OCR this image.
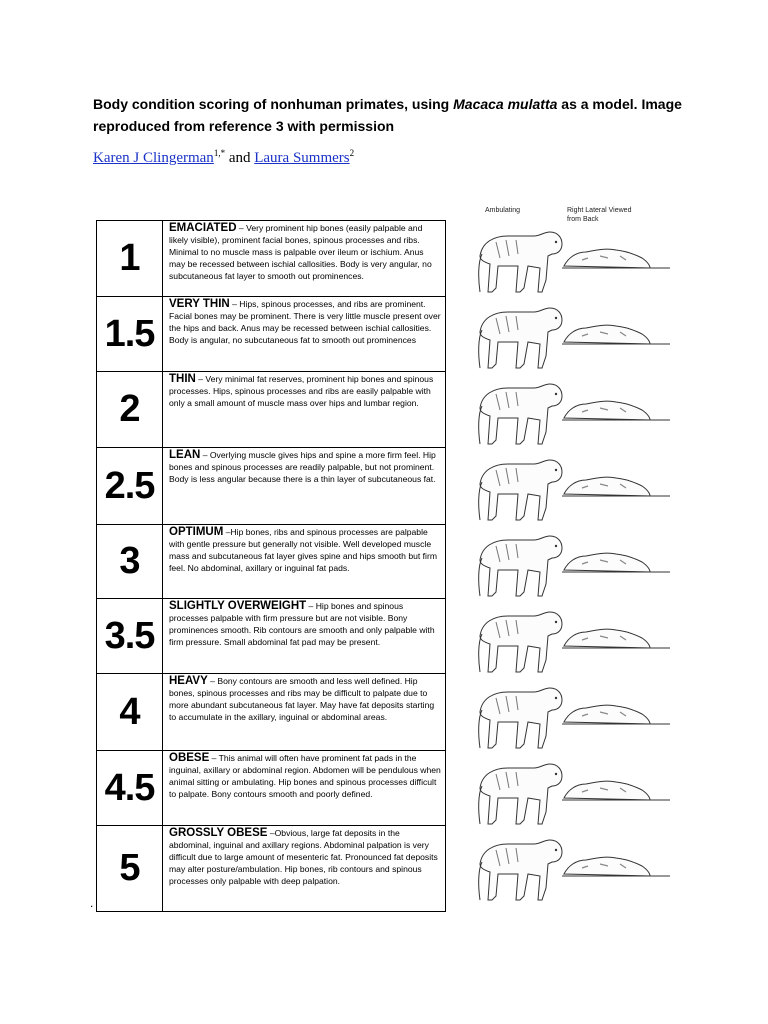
Body condition scoring of nonhuman primates, using Macaca mulatta as a model. Image reproduced from reference 3 with permission
Karen J Clingerman$^{1,*}$ and Laura Summers$^2$
Ambulating	Right Lateral Viewed from Back
1	EMACIATED – Very prominent hip bones (easily palpable and likely visible), prominent facial bones, spinous processes and ribs. Minimal to no muscle mass is palpable over ileum or ischium. Anus may be recessed between ischial callosities. Body is very angular, no subcutaneous fat layer to smooth out prominences.
1.5	VERY THIN – Hips, spinous processes, and ribs are prominent. Facial bones may be prominent. There is very little muscle present over the hips and back. Anus may be recessed between ischial callosities. Body is angular, no subcutaneous fat to smooth out prominences
2	THIN – Very minimal fat reserves, prominent hip bones and spinous processes. Hips, spinous processes and ribs are easily palpable with only a small amount of muscle mass over hips and lumbar region.
2.5	LEAN – Overlying muscle gives hips and spine a more firm feel. Hip bones and spinous processes are readily palpable, but not prominent. Body is less angular because there is a thin layer of subcutaneous fat.
3	OPTIMUM –Hip bones, ribs and spinous processes are palpable with gentle pressure but generally not visible. Well developed muscle mass and subcutaneous fat layer gives spine and hips smooth but firm feel. No abdominal, axillary or inguinal fat pads.
3.5	SLIGHTLY OVERWEIGHT – Hip bones and spinous processes palpable with firm pressure but are not visible. Bony prominences smooth. Rib contours are smooth and only palpable with firm pressure. Small abdominal fat pad may be present.
4	HEAVY – Bony contours are smooth and less well defined. Hip bones, spinous processes and ribs may be difficult to palpate due to more abundant subcutaneous fat layer. May have fat deposits starting to accumulate in the axillary, inguinal or abdominal areas.
4.5	OBESE – This animal will often have prominent fat pads in the inguinal, axillary or abdominal region. Abdomen will be pendulous when animal sitting or ambulating. Hip bones and spinous processes difficult to palpate. Bony contours smooth and poorly defined.
5	GROSSLY OBESE –Obvious, large fat deposits in the abdominal, inguinal and axillary regions. Abdominal palpation is very difficult due to large amount of mesenteric fat. Pronounced fat deposits may alter posture/ambulation. Hip bones, rib contours and spinous processes only palpable with deep palpation.
.
